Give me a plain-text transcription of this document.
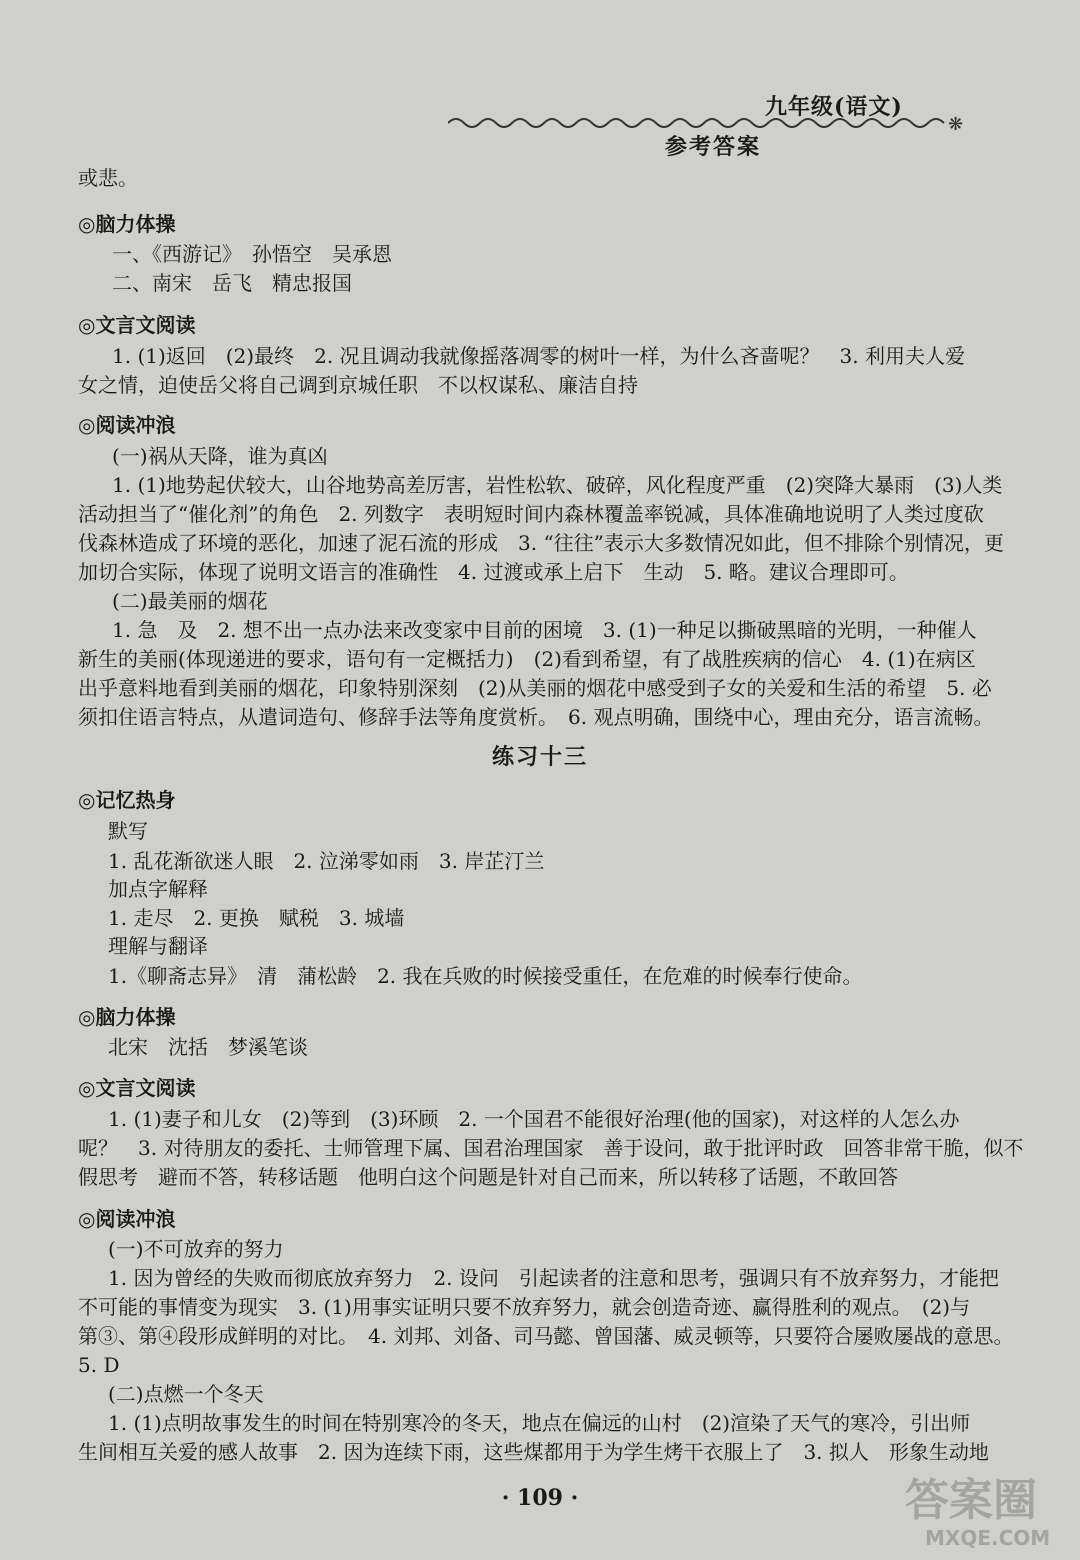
九年级(语文)
❋
参考答案
或悲。
◎脑力体操
一、《西游记》　孙悟空　吴承恩
二、南宋　岳飞　精忠报国
◎文言文阅读
1. (1)返回　(2)最终　2. 况且调动我就像摇落凋零的树叶一样，为什么吝啬呢？　3. 利用夫人爱
女之情，迫使岳父将自己调到京城任职　不以权谋私、廉洁自持
◎阅读冲浪
(一)祸从天降，谁为真凶
1. (1)地势起伏较大，山谷地势高差厉害，岩性松软、破碎，风化程度严重　(2)突降大暴雨　(3)人类
活动担当了“催化剂”的角色　2. 列数字　表明短时间内森林覆盖率锐减，具体准确地说明了人类过度砍
伐森林造成了环境的恶化，加速了泥石流的形成　3. “往往”表示大多数情况如此，但不排除个别情况，更
加切合实际，体现了说明文语言的准确性　4. 过渡或承上启下　生动　5. 略。建议合理即可。
(二)最美丽的烟花
1. 急　及　2. 想不出一点办法来改变家中目前的困境　3. (1)一种足以撕破黑暗的光明，一种催人
新生的美丽(体现递进的要求，语句有一定概括力)　(2)看到希望，有了战胜疾病的信心　4. (1)在病区
出乎意料地看到美丽的烟花，印象特别深刻　(2)从美丽的烟花中感受到子女的关爱和生活的希望　5. 必
须扣住语言特点，从遣词造句、修辞手法等角度赏析。　6. 观点明确，围绕中心，理由充分，语言流畅。
◎记忆热身
默写
1. 乱花渐欲迷人眼　2. 泣涕零如雨　3. 岸芷汀兰
加点字解释
1. 走尽　2. 更换　赋税　3. 城墙
理解与翻译
1.《聊斋志异》　清　蒲松龄　2. 我在兵败的时候接受重任，在危难的时候奉行使命。
◎脑力体操
北宋　沈括　梦溪笔谈
◎文言文阅读
1. (1)妻子和儿女　(2)等到　(3)环顾　2. 一个国君不能很好治理(他的国家)，对这样的人怎么办
呢？　3. 对待朋友的委托、士师管理下属、国君治理国家　善于设问，敢于批评时政　回答非常干脆，似不
假思考　避而不答，转移话题　他明白这个问题是针对自己而来，所以转移了话题，不敢回答
◎阅读冲浪
(一)不可放弃的努力
1. 因为曾经的失败而彻底放弃努力　2. 设问　引起读者的注意和思考，强调只有不放弃努力，才能把
不可能的事情变为现实　3. (1)用事实证明只要不放弃努力，就会创造奇迹、赢得胜利的观点。　(2)与
第③、第④段形成鲜明的对比。　4. 刘邦、刘备、司马懿、曾国藩、威灵顿等，只要符合屡败屡战的意思。
5. D
(二)点燃一个冬天
1. (1)点明故事发生的时间在特别寒冷的冬天，地点在偏远的山村　(2)渲染了天气的寒冷，引出师
生间相互关爱的感人故事　2. 因为连续下雨，这些煤都用于为学生烤干衣服上了　3. 拟人　形象生动地
练习十三
· 109 ·	答案圈
MXQE.COM
